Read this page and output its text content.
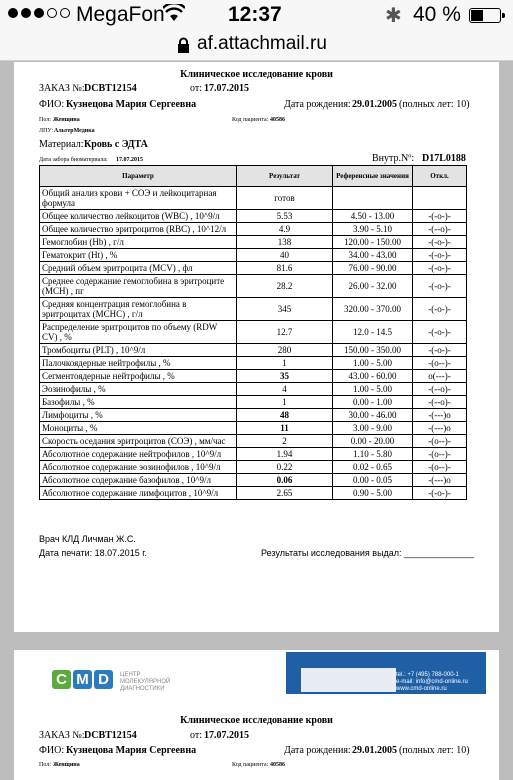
MegaFon	12:37	✱ 40 %
af.attachmail.ru
Клиническое исследование крови
ЗАКАЗ №: DCBT12154	от: 17.07.2015
ФИО: Кузнецова Мария Сергеевна	Дата рождения: 29.01.2005 (полных лет: 10)
Пол: Женщина	Код пациента: 40586
ЛПУ: АльтерМедика
Материал: Кровь с ЭДТА
Дата забора биоматериала: 17.07.2015	Внутр.Nº: D17L0188
Параметр	Результат	Референсные значения	Откл.
Общий анализ крови + СОЭ и лейкоцитарная формула	готов		
Общее количество лейкоцитов (WBC) , 10^9/л	5.53	4.50 - 13.00	-(-о-)-
Общее количество эритроцитов (RBC) , 10^12/л	4.9	3.90 - 5.10	-(--о)-
Гемоглобин (Hb) , г/л	138	120.00 - 150.00	-(-о-)-
Гематокрит (Ht) , %	40	34.00 - 43.00	-(-о-)-
Средний объем эритроцита (MCV) , фл	81.6	76.00 - 90.00	-(-о-)-
Среднее содержание гемоглобина в эритроците (MCH) , пг	28.2	26.00 - 32.00	-(-о-)-
Средняя концентрация гемоглобина в эритроцитах (MCHC) , г/л	345	320.00 - 370.00	-(-о-)-
Распределение эритроцитов по объему (RDW CV) , %	12.7	12.0 - 14.5	-(-о-)-
Тромбоциты (PLT) , 10^9/л	280	150.00 - 350.00	-(-о-)-
Палочкоядерные нейтрофилы , %	1	1.00 - 5.00	-(о--)-
Сегментоядерные нейтрофилы , %	35	43.00 - 60.00	о(---)-
Эозинофилы , %	4	1.00 - 5.00	-(--о)-
Базофилы , %	1	0.00 - 1.00	-(--о)-
Лимфоциты , %	48	30.00 - 46.00	-(---)о
Моноциты , %	11	3.00 - 9.00	-(---)о
Скорость оседания эритроцитов (СОЭ) , мм/час	2	0.00 - 20.00	-(о--)-
Абсолютное содержание нейтрофилов , 10^9/л	1.94	1.10 - 5.80	-(о--)-
Абсолютное содержание эозинофилов , 10^9/л	0.22	0.02 - 0.65	-(о--)-
Абсолютное содержание базофилов , 10^9/л	0.06	0.00 - 0.05	-(---)о
Абсолютное содержание лимфоцитов , 10^9/л	2.65	0.90 - 5.00	-(-о-)-
Врач КЛД Личман Ж.С.
Дата печати: 18.07.2015 г.	Результаты исследования выдал: ______________
C M D	ЦЕНТР
МОЛЕКУЛЯРНОЙ
ДИАГНОСТИКИ
tel.: +7 (495) 788-000-1
e-mail: info@cmd-online.ru
www.cmd-online.ru
Клиническое исследование крови
ЗАКАЗ №: DCBT12154	от: 17.07.2015
ФИО: Кузнецова Мария Сергеевна	Дата рождения: 29.01.2005 (полных лет: 10)
Пол: Женщина	Код пациента: 40586
